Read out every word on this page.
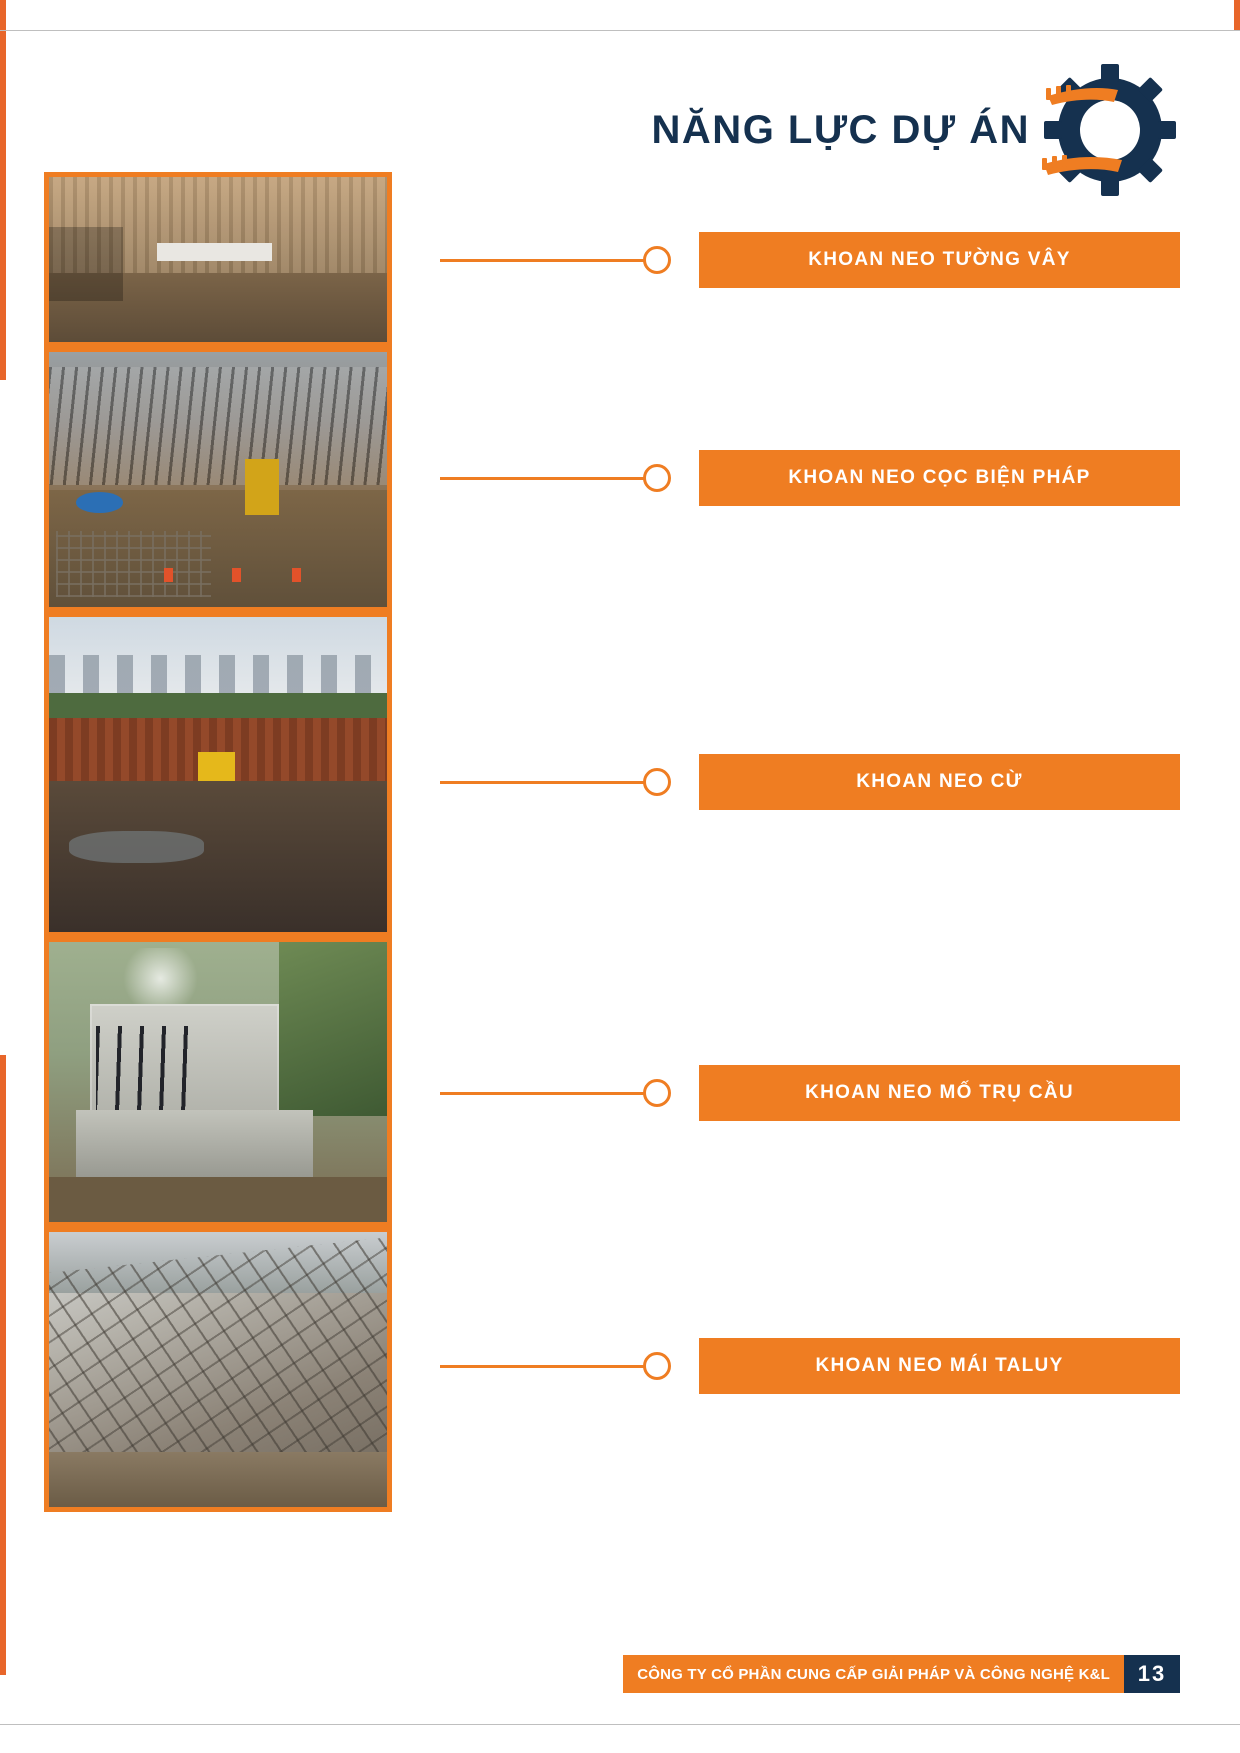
NĂNG LỰC DỰ ÁN
KHOAN NEO TƯỜNG VÂY
KHOAN NEO CỌC BIỆN PHÁP
KHOAN NEO CỪ
KHOAN NEO MỐ TRỤ CẦU
KHOAN NEO MÁI TALUY
CÔNG TY CỔ PHẦN CUNG CẤP GIẢI PHÁP VÀ CÔNG NGHỆ K&L	13
